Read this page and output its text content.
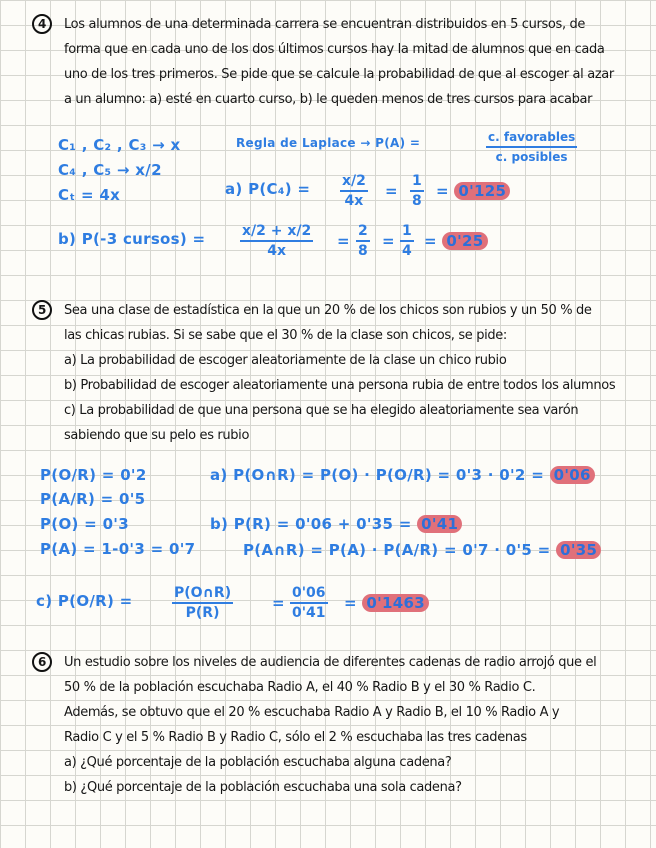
4	Los alumnos de una determinada carrera se encuentran distribuidos en 5 cursos, de
forma que en cada uno de los dos últimos cursos hay la mitad de alumnos que en cada
uno de los tres primeros. Se pide que se calcule la probabilidad de que al escoger al azar
a un alumno: a) esté en cuarto curso, b) le queden menos de tres cursos para acabar
C₁ , C₂ , C₃ → x
C₄ , C₅ → x/2
Cₜ = 4x
Regla de Laplace → P(A) =	c. favorables
c. posibles
a) $P(C_4) = \frac{x/2}{4x} = \frac{1}{8} = 0'125$
b) P(-3 cursos) = $\frac{x/2 + x/2}{4x} = \frac{2}{8} = \frac{1}{4} = 0'25$
5	Sea una clase de estadística en la que un 20 % de los chicos son rubios y un 50 % de
las chicas rubias. Si se sabe que el 30 % de la clase son chicos, se pide:
a) La probabilidad de escoger aleatoriamente de la clase un chico rubio
b) Probabilidad de escoger aleatoriamente una persona rubia de entre todos los alumnos
c) La probabilidad de que una persona que se ha elegido aleatoriamente sea varón
sabiendo que su pelo es rubio
P(O/R) = 0'2
P(A/R) = 0'5
P(O) = 0'3
P(A) = 1-0'3 = 0'7
a) P(O∩R) = P(O) · P(O/R) = 0'3 · 0'2 = 0'06
b) P(R) = 0'06 + 0'35 = 0'41
P(A∩R) = P(A) · P(A/R) = 0'7 · 0'5 = 0'35
c) P(O/R) =	$\frac{P(O\cap R)}{P(R)}$	= $\frac{0'06}{0'41} = 0'1463$
6	Un estudio sobre los niveles de audiencia de diferentes cadenas de radio arrojó que el
50 % de la población escuchaba Radio A, el 40 % Radio B y el 30 % Radio C.
Además, se obtuvo que el 20 % escuchaba Radio A y Radio B, el 10 % Radio A y
Radio C y el 5 % Radio B y Radio C, sólo el 2 % escuchaba las tres cadenas
a) ¿Qué porcentaje de la población escuchaba alguna cadena?
b) ¿Qué porcentaje de la población escuchaba una sola cadena?
